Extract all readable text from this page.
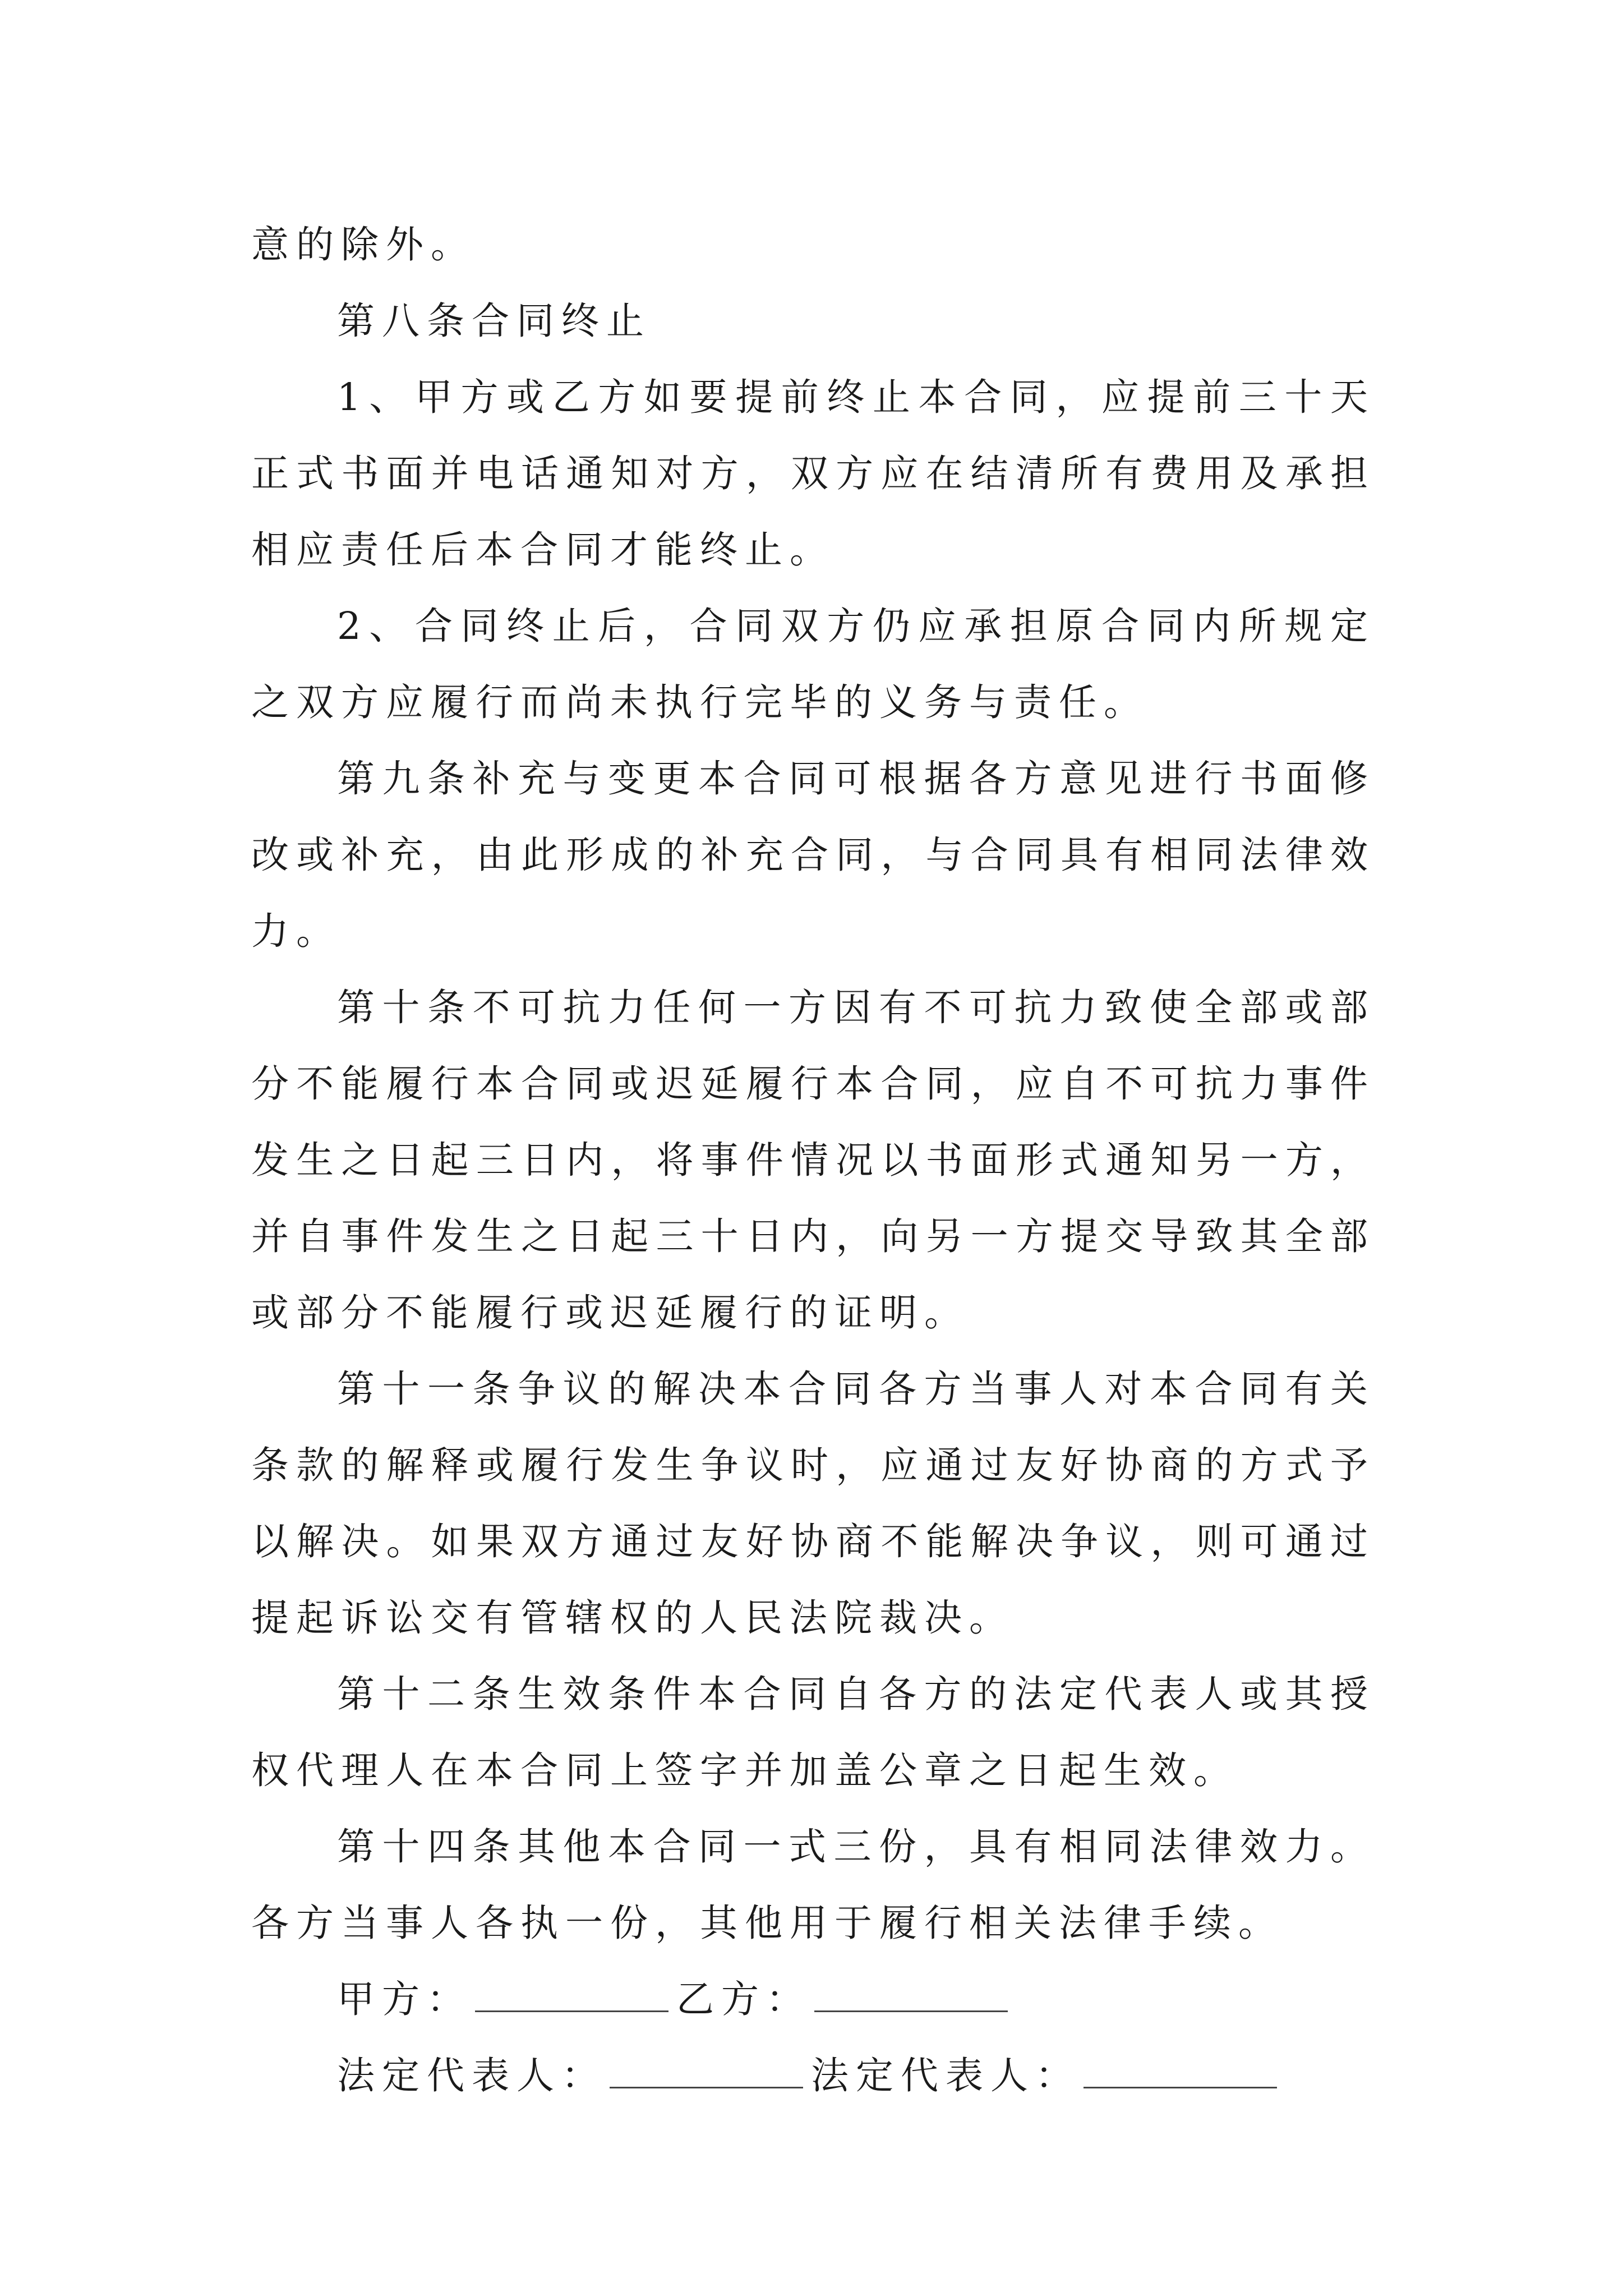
意的除外。

第八条合同终止

1、甲方或乙方如要提前终止本合同，应提前三十天正式书面并电话通知对方，双方应在结清所有费用及承担相应责任后本合同才能终止。

2、合同终止后，合同双方仍应承担原合同内所规定之双方应履行而尚未执行完毕的义务与责任。

第九条补充与变更本合同可根据各方意见进行书面修改或补充，由此形成的补充合同，与合同具有相同法律效力。

第十条不可抗力任何一方因有不可抗力致使全部或部分不能履行本合同或迟延履行本合同，应自不可抗力事件发生之日起三日内，将事件情况以书面形式通知另一方，并自事件发生之日起三十日内，向另一方提交导致其全部或部分不能履行或迟延履行的证明。

第十一条争议的解决本合同各方当事人对本合同有关条款的解释或履行发生争议时，应通过友好协商的方式予以解决。如果双方通过友好协商不能解决争议，则可通过提起诉讼交有管辖权的人民法院裁决。

第十二条生效条件本合同自各方的法定代表人或其授权代理人在本合同上签字并加盖公章之日起生效。

第十四条其他本合同一式三份，具有相同法律效力。各方当事人各执一份，其他用于履行相关法律手续。

甲方：	乙方：

法定代表人：	法定代表人：
